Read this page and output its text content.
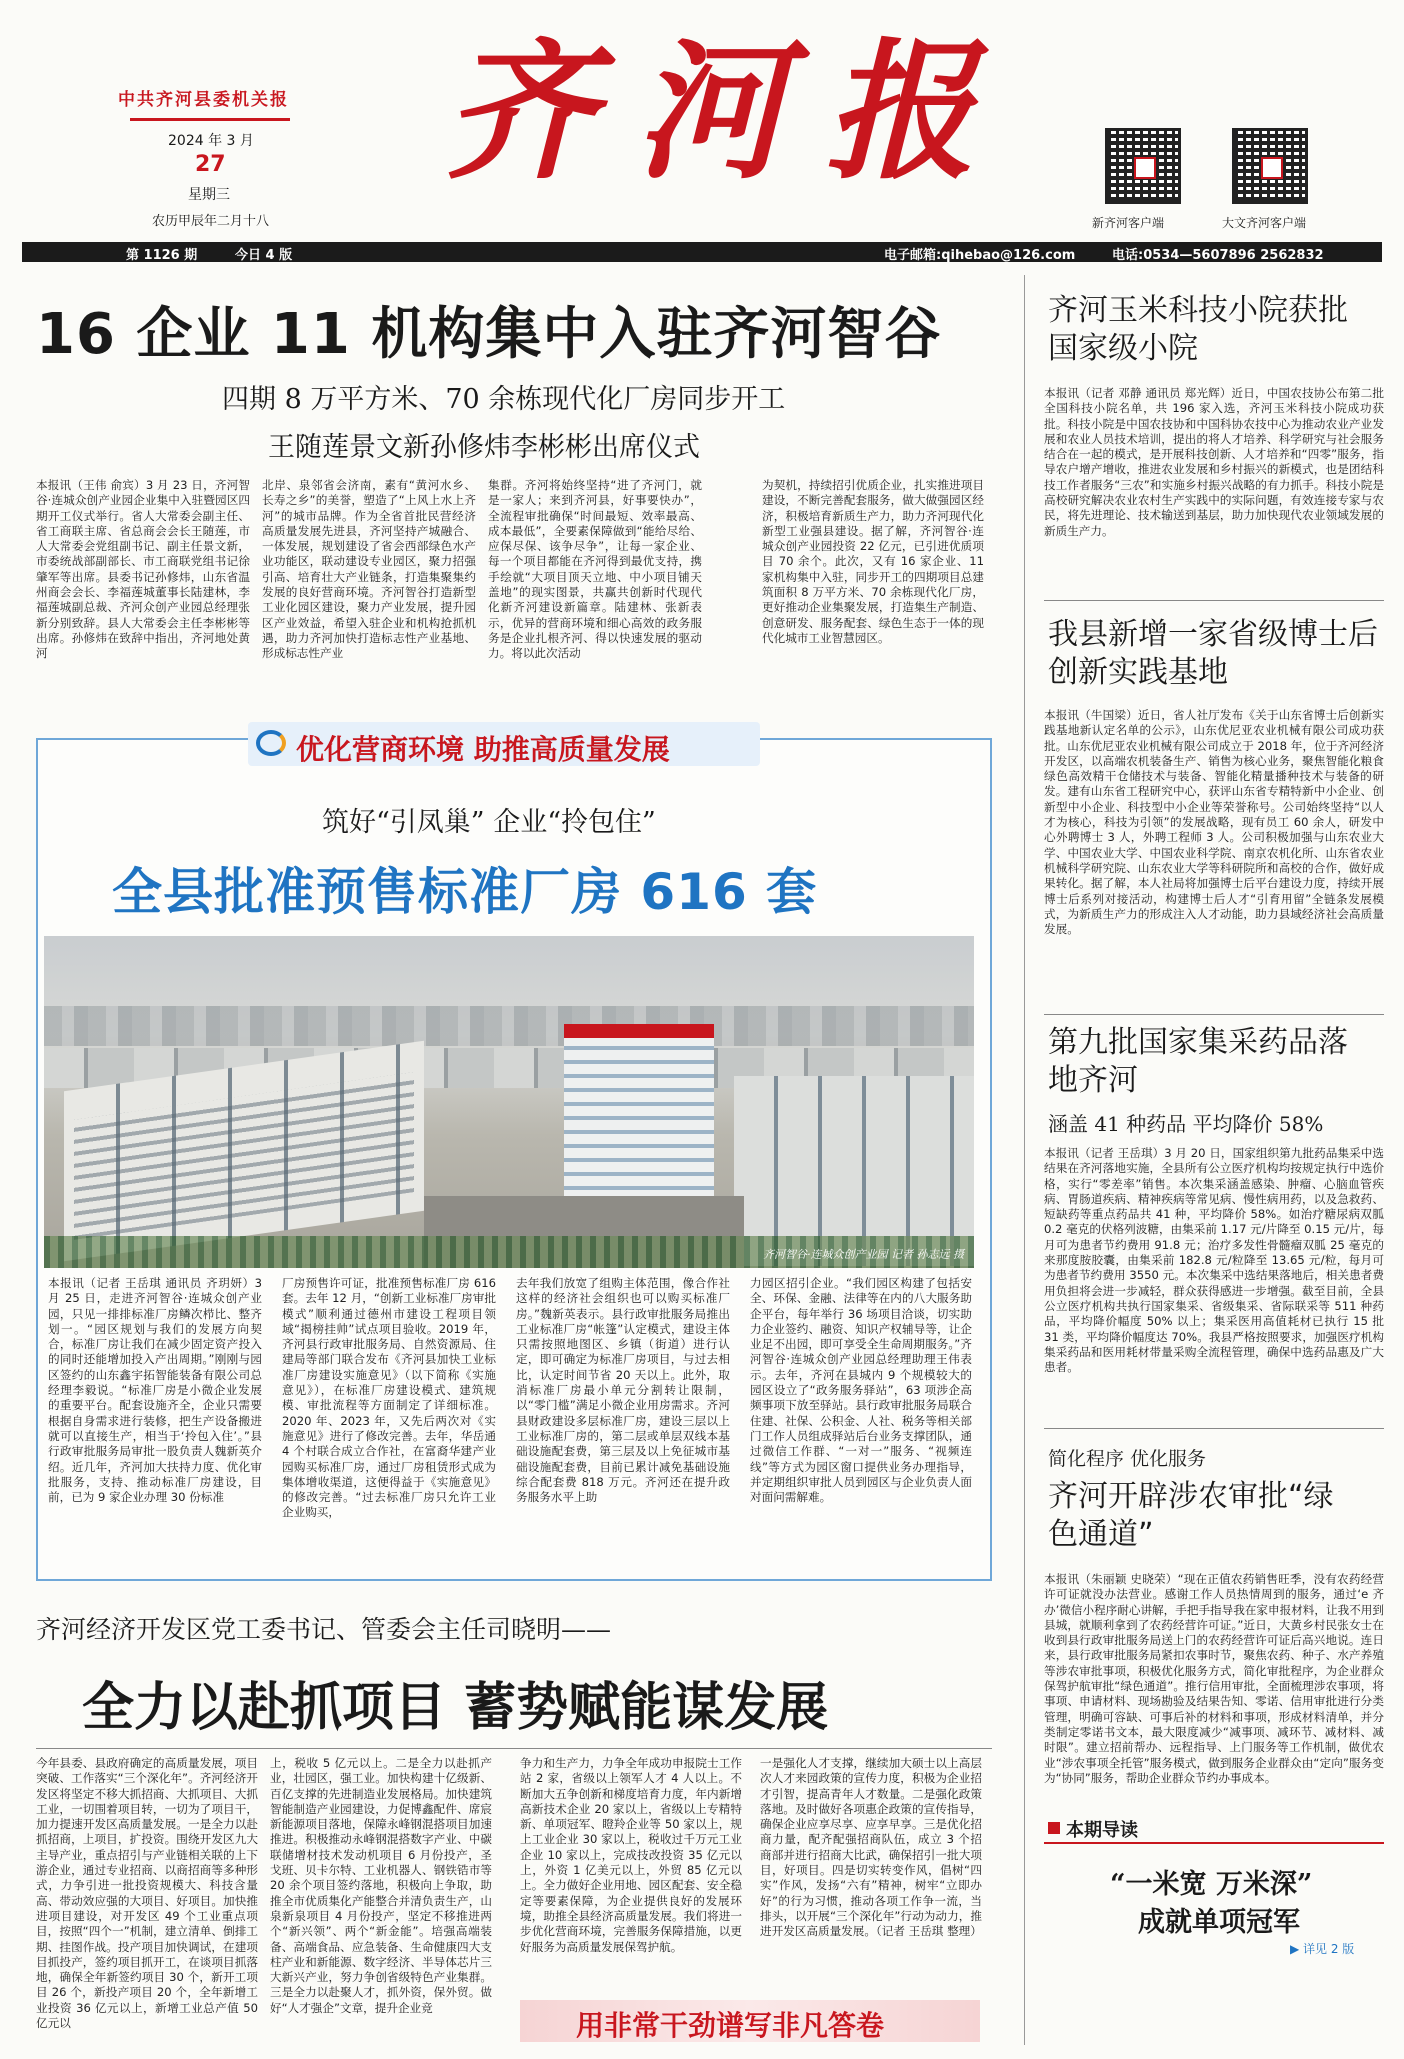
中共齐河县委机关报
2024 年 3 月
27
星期三
农历甲辰年二月十八
齐河报
新齐河客户端	大文齐河客户端
第 1126 期	今日 4 版	电子邮箱:qihebao@126.com	电话:0534—5607896 2562832
16 企业 11 机构集中入驻齐河智谷
四期 8 万平方米、70 余栋现代化厂房同步开工
王随莲景文新孙修炜李彬彬出席仪式
本报讯（王伟 俞宾）3 月 23 日，齐河智谷·连城众创产业园企业集中入驻暨园区四期开工仪式举行。省人大常委会副主任、省工商联主席、省总商会会长王随莲，市人大常委会党组副书记、副主任景文新，市委统战部副部长、市工商联党组书记徐肇军等出席。县委书记孙修炜，山东省温州商会会长、李福莲城董事长陆建林，李福莲城副总裁、齐河众创产业园总经理张新分别致辞。县人大常委会主任李彬彬等出席。孙修炜在致辞中指出，齐河地处黄河
北岸、泉邻省会济南，素有“黄河水乡、长寿之乡”的美誉，塑造了“上风上水上齐河”的城市品牌。作为全省首批民营经济高质量发展先进县，齐河坚持产城融合、一体发展，规划建设了省会西部绿色水产业功能区，联动建设专业园区，聚力招强引高、培育壮大产业链条，打造集聚集约发展的良好营商环境。齐河智谷打造新型工业化园区建设，聚力产业发展，提升园区产业效益，希望入驻企业和机构抢抓机遇，助力齐河加快打造标志性产业基地、形成标志性产业
集群。齐河将始终坚持“进了齐河门，就是一家人；来到齐河县，好事要快办”，全流程审批确保“时间最短、效率最高、成本最低”，全要素保障做到“能给尽给、应保尽保、该争尽争”，让每一家企业、每一个项目都能在齐河得到最优支持，携手绘就“大项目顶天立地、中小项目铺天盖地”的现实图景，共赢共创新时代现代化新齐河建设新篇章。陆建林、张新表示，优异的营商环境和细心高效的政务服务是企业扎根齐河、得以快速发展的驱动力。将以此次活动
为契机，持续招引优质企业，扎实推进项目建设，不断完善配套服务，做大做强园区经济，积极培育新质生产力，助力齐河现代化新型工业强县建设。据了解，齐河智谷·连城众创产业园投资 22 亿元，已引进优质项目 70 余个。此次，又有 16 家企业、11 家机构集中入驻，同步开工的四期项目总建筑面积 8 万平方米、70 余栋现代化厂房，更好推动企业集聚发展，打造集生产制造、创意研发、服务配套、绿色生态于一体的现代化城市工业智慧园区。
优化营商环境 助推高质量发展
筑好“引凤巢” 企业“拎包住”
全县批准预售标准厂房 616 套
齐河智谷·连城众创产业园 记者 孙志远 摄
本报讯（记者 王岳琪 通讯员 齐玥妍）3 月 25 日，走进齐河智谷·连城众创产业园，只见一排排标准厂房鳞次栉比、整齐划一。“园区规划与我们的发展方向契合，标准厂房让我们在减少固定资产投入的同时还能增加投入产出周期。”刚刚与园区签约的山东鑫宇拓智能装备有限公司总经理李毅说。“标准厂房是小微企业发展的重要平台。配套设施齐全，企业只需要根据自身需求进行装修，把生产设备搬进就可以直接生产，相当于‘拎包入住’。”县行政审批服务局审批一股负责人魏新英介绍。近几年，齐河加大扶持力度、优化审批服务，支持、推动标准厂房建设，目前，已为 9 家企业办理 30 份标准
厂房预售许可证，批准预售标准厂房 616 套。去年 12 月，“创新工业标准厂房审批模式”顺利通过德州市建设工程项目领域“揭榜挂帅”试点项目验收。2019 年，齐河县行政审批服务局、自然资源局、住建局等部门联合发布《齐河县加快工业标准厂房建设实施意见》（以下简称《实施意见》），在标准厂房建设模式、建筑规模、审批流程等方面制定了详细标准。2020 年、2023 年，又先后两次对《实施意见》进行了修改完善。去年，华岳通 4 个村联合成立合作社，在富裔华建产业园购买标准厂房，通过厂房租赁形式成为集体增收渠道，这便得益于《实施意见》的修改完善。“过去标准厂房只允许工业企业购买，
去年我们放宽了组购主体范围，像合作社这样的经济社会组织也可以购买标准厂房。”魏新英表示。县行政审批服务局推出工业标准厂房“帐篷”认定模式，建设主体只需按照地图区、乡镇（街道）进行认定，即可确定为标准厂房项目，与过去相比，认定时间节省 20 天以上。此外，取消标准厂房最小单元分割转让限制，以“零门槛”满足小微企业用房需求。齐河县财政建设多层标准厂房，建设三层以上工业标准厂房的，第二层或单层双线本基础设施配套费，第三层及以上免征城市基础设施配套费，目前已累计减免基础设施综合配套费 818 万元。齐河还在提升政务服务水平上助
力园区招引企业。“我们园区构建了包括安全、环保、金融、法律等在内的八大服务助企平台，每年举行 36 场项目洽谈，切实助力企业签约、融资、知识产权辅导等，让企业足不出园，即可享受全生命周期服务。”齐河智谷·连城众创产业园总经理助理王伟表示。去年，齐河在县城内 9 个规模较大的园区设立了“政务服务驿站”，63 项涉企高频事项下放至驿站。县行政审批服务局联合住建、社保、公积金、人社、税务等相关部门工作人员组成驿站后台业务支撑团队，通过微信工作群、“一对一”服务、“视频连线”等方式为园区窗口提供业务办理指导，并定期组织审批人员到园区与企业负责人面对面问需解难。
齐河经济开发区党工委书记、管委会主任司晓明——
全力以赴抓项目 蓄势赋能谋发展
今年县委、县政府确定的高质量发展，项目突破、工作落实“三个深化年”。齐河经济开发区将坚定不移大抓招商、大抓项目、大抓工业，一切围着项目转，一切为了项目干，加力提速开发区高质量发展。一是全力以赴抓招商，上项目，扩投资。围绕开发区九大主导产业，重点招引与产业链相关联的上下游企业，通过专业招商、以商招商等多种形式，力争引进一批投资规模大、科技含量高、带动效应强的大项目、好项目。加快推进项目建设，对开发区 49 个工业重点项目，按照“四个一”机制，建立清单、倒排工期、挂图作战。投产项目加快调试，在建项目抓投产，签约项目抓开工，在谈项目抓落地，确保全年新签约项目 30 个，新开工项目 26 个，新投产项目 20 个，全年新增工业投资 36 亿元以上，新增工业总产值 50 亿元以
上，税收 5 亿元以上。二是全力以赴抓产业，壮园区，强工业。加快构建十亿级新、百亿支撑的先进制造业发展格局。加快建筑智能制造产业园建设，力促博鑫配件、席宸新能源项目落地，保障永峰钢混搭项目加速推进。积极推动永峰钢混搭数字产业、中碳联储增材技术发动机项目 6 月份投产，圣戈班、贝卡尔特、工业机器人、钢铁锆市等 20 余个项目签约落地，积极向上争取，助推全市优质集化产能整合并清负责生产，山泉新泉项目 4 月份投产，坚定不移推进两个“新兴领”、两个“新金能”。培强高端装备、高端食品、应急装备、生命健康四大支柱产业和新能源、数字经济、半导体芯片三大新兴产业，努力争创省级特色产业集群。三是全力以赴聚人才，抓外资，保外贸。做好“人才强企”文章，提升企业竞
争力和生产力，力争全年成功申报院士工作站 2 家，省级以上领军人才 4 人以上。不断加大五争创新和梯度培育力度，年内新增高新技术企业 20 家以上，省级以上专精特新、单项冠军、瞪羚企业等 50 家以上，规上工业企业 30 家以上，税收过千万元工业企业 10 家以上，完成技改投资 35 亿元以上，外资 1 亿美元以上，外贸 85 亿元以上。全力做好企业用地、园区配套、安全稳定等要素保障，为企业提供良好的发展环境，助推全县经济高质量发展。我们将进一步优化营商环境，完善服务保障措施，以更好服务为高质量发展保驾护航。
一是强化人才支撑，继续加大硕士以上高层次人才来园政策的宣传力度，积极为企业招才引智，提高青年人才数量。二是强化政策落地。及时做好各项惠企政策的宣传指导，确保企业应享尽享、应享早享。三是优化招商力量，配齐配强招商队伍，成立 3 个招商部并进行招商大比武，确保招引一批大项目，好项目。四是切实转变作风，倡树“四实”作风，发扬“六有”精神，树牢“立即办好”的行为习惯，推动各项工作争一流，当排头，以开展“三个深化年”行动为动力，推进开发区高质量发展。（记者 王岳琪 整理）
用非常干劲谱写非凡答卷
齐河玉米科技小院获批国家级小院
本报讯（记者 邓静 通讯员 郑光辉）近日，中国农技协公布第二批全国科技小院名单，共 196 家入选，齐河玉米科技小院成功获批。科技小院是中国农技协和中国科协农技中心为推动农业产业发展和农业人员技术培训，提出的将人才培养、科学研究与社会服务结合在一起的模式，是开展科技创新、人才培养和“四零”服务，指导农户增产增收，推进农业发展和乡村振兴的新模式，也是团结科技工作者服务“三农”和实施乡村振兴战略的有力抓手。科技小院是高校研究解决农业农村生产实践中的实际问题，有效连接专家与农民，将先进理论、技术输送到基层，助力加快现代农业领域发展的新质生产力。
我县新增一家省级博士后创新实践基地
本报讯（牛国梁）近日，省人社厅发布《关于山东省博士后创新实践基地新认定名单的公示》，山东优尼亚农业机械有限公司成功获批。山东优尼亚农业机械有限公司成立于 2018 年，位于齐河经济开发区，以高端农机装备生产、销售为核心业务，聚焦智能化粮食绿色高效精干仓储技术与装备、智能化精量播种技术与装备的研发。建有山东省工程研究中心，获评山东省专精特新中小企业、创新型中小企业、科技型中小企业等荣誉称号。公司始终坚持“以人才为核心，科技为引领”的发展战略，现有员工 60 余人，研发中心外聘博士 3 人，外聘工程师 3 人。公司积极加强与山东农业大学、中国农业大学、中国农业科学院、南京农机化所、山东省农业机械科学研究院、山东农业大学等科研院所和高校的合作，做好成果转化。据了解，本人社局将加强博士后平台建设力度，持续开展博士后系列对接活动，构建博士后人才“引育用留”全链条发展模式，为新质生产力的形成注入人才动能，助力县域经济社会高质量发展。
第九批国家集采药品落地齐河
涵盖 41 种药品 平均降价 58%
本报讯（记者 王岳琪）3 月 20 日，国家组织第九批药品集采中选结果在齐河落地实施，全县所有公立医疗机构均按规定执行中选价格，实行“零差率”销售。本次集采涵盖感染、肿瘤、心脑血管疾病、胃肠道疾病、精神疾病等常见病、慢性病用药，以及急救药、短缺药等重点药品共 41 种，平均降价 58%。如治疗糖尿病双胍 0.2 毫克的伏格列波糖，由集采前 1.17 元/片降至 0.15 元/片，每月可为患者节约费用 91.8 元；治疗多发性骨髓瘤双胍 25 毫克的来那度胺胶囊，由集采前 182.8 元/粒降至 13.65 元/粒，每月可为患者节约费用 3550 元。本次集采中选结果落地后，相关患者费用负担将会进一步减轻，群众获得感进一步增强。截至目前，全县公立医疗机构共执行国家集采、省级集采、省际联采等 511 种药品，平均降价幅度 50% 以上；集采医用高值耗材已执行 15 批 31 类，平均降价幅度达 70%。我县严格按照要求，加强医疗机构集采药品和医用耗材带量采购全流程管理，确保中选药品惠及广大患者。
简化程序 优化服务
齐河开辟涉农审批“绿色通道”
本报讯（朱丽颖 史晓荣）“现在正值农药销售旺季，没有农药经营许可证就没办法营业。感谢工作人员热情周到的服务，通过‘e 齐办’微信小程序耐心讲解，手把手指导我在家申报材料，让我不用到县城，就顺利拿到了农药经营许可证。”近日，大黄乡村民张女士在收到县行政审批服务局送上门的农药经营许可证后高兴地说。连日来，县行政审批服务局紧扣农事时节，聚焦农药、种子、水产养殖等涉农审批事项，积极优化服务方式，简化审批程序，为企业群众保驾护航审批“绿色通道”。推行信用审批，全面梳理涉农事项，将事项、申请材料、现场勘验及结果告知、零诺、信用审批进行分类管理，明确可容缺、可事后补的材料和事项，形成材料清单，并分类制定零诺书文本，最大限度减少“减事项、减环节、减材料、减时限”。建立招前帮办、远程指导、上门服务等工作机制，做优农业“涉农事项全托管”服务模式，做到服务企业群众由“定向”服务变为“协同”服务，帮助企业群众节约办事成本。
本期导读
“一米宽 万米深”
成就单项冠军
▶ 详见 2 版
